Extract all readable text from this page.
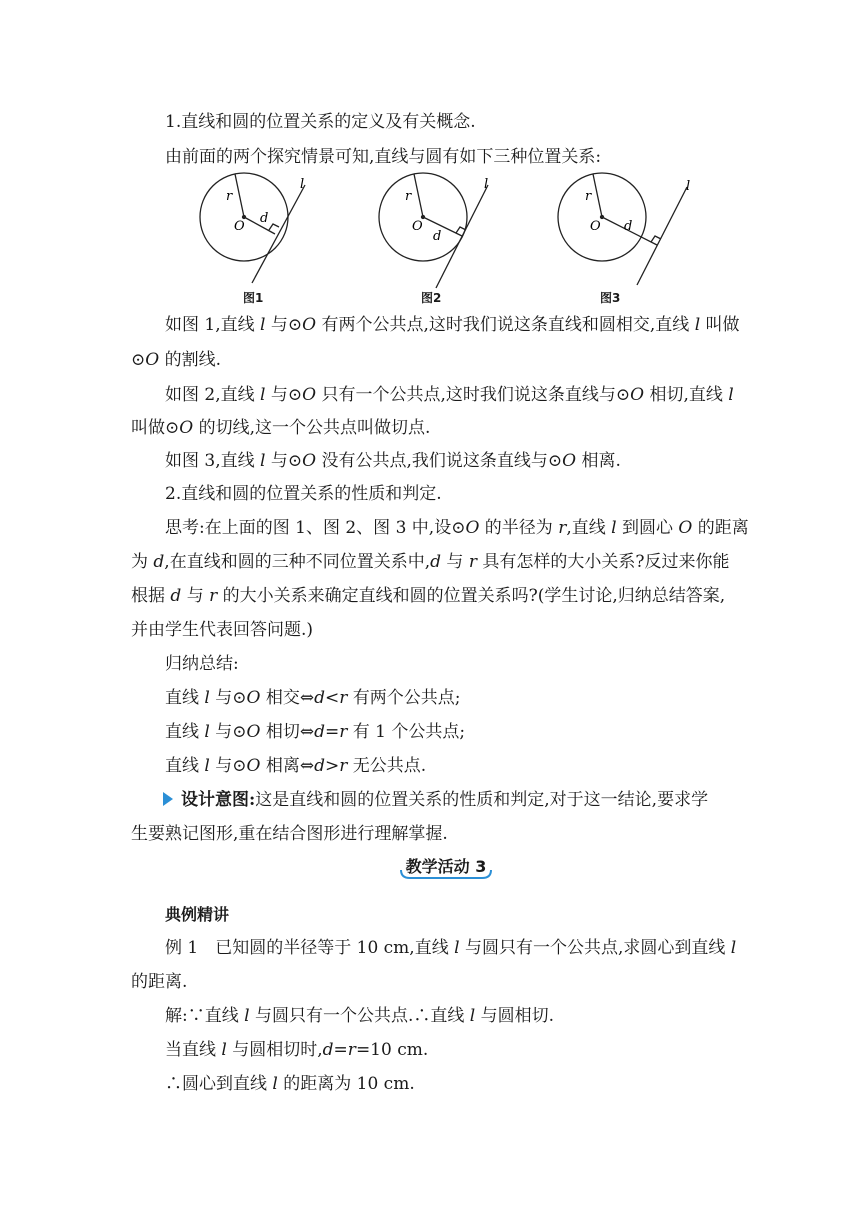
1.直线和圆的位置关系的定义及有关概念.
由前面的两个探究情景可知,直线与圆有如下三种位置关系:
r
O
d
l
r
O
d
l
r
O d
l
图1	图2	图3
如图 1,直线 l 与⊙O 有两个公共点,这时我们说这条直线和圆相交,直线 l 叫做
⊙O 的割线.
如图 2,直线 l 与⊙O 只有一个公共点,这时我们说这条直线与⊙O 相切,直线 l
叫做⊙O 的切线,这一个公共点叫做切点.
如图 3,直线 l 与⊙O 没有公共点,我们说这条直线与⊙O 相离.
2.直线和圆的位置关系的性质和判定.
思考:在上面的图 1、图 2、图 3 中,设⊙O 的半径为 r,直线 l 到圆心 O 的距离
为 d,在直线和圆的三种不同位置关系中,d 与 r 具有怎样的大小关系?反过来你能
根据 d 与 r 的大小关系来确定直线和圆的位置关系吗?(学生讨论,归纳总结答案,
并由学生代表回答问题.)
归纳总结:
直线 l 与⊙O 相交⇔d<r 有两个公共点;
直线 l 与⊙O 相切⇔d=r 有 1 个公共点;
直线 l 与⊙O 相离⇔d>r 无公共点.
设计意图:这是直线和圆的位置关系的性质和判定,对于这一结论,要求学
生要熟记图形,重在结合图形进行理解掌握.
教学活动 3
典例精讲
例 1　已知圆的半径等于 10 cm,直线 l 与圆只有一个公共点,求圆心到直线 l
的距离.
解:∵直线 l 与圆只有一个公共点.∴直线 l 与圆相切.
当直线 l 与圆相切时,d=r=10 cm.
∴圆心到直线 l 的距离为 10 cm.
